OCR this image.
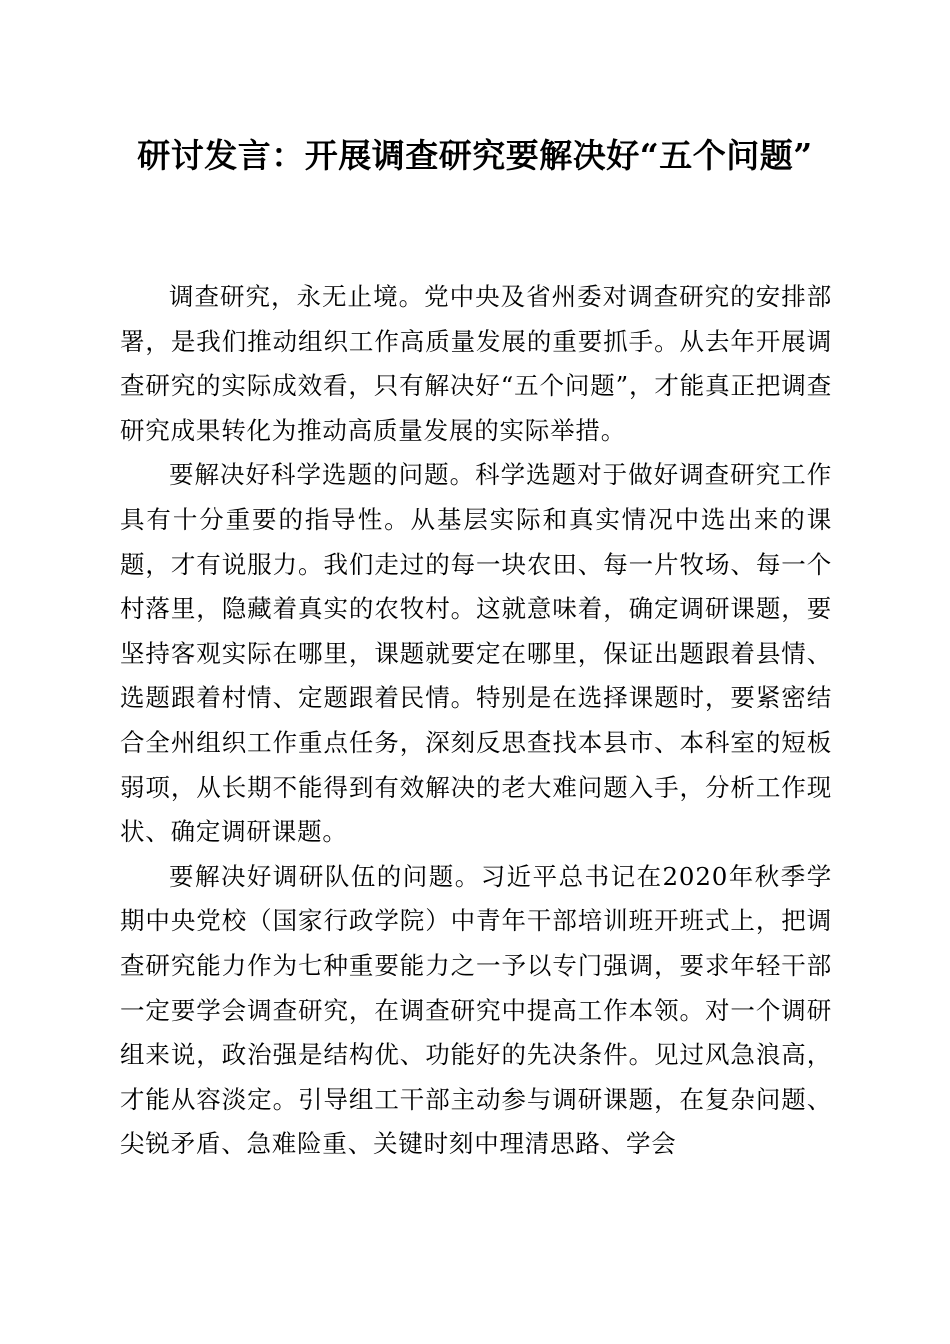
研讨发言：开展调查研究要解决好“五个问题”

调查研究，永无止境。党中央及省州委对调查研究的安排部署，是我们推动组织工作高质量发展的重要抓手。从去年开展调查研究的实际成效看，只有解决好“五个问题”，才能真正把调查研究成果转化为推动高质量发展的实际举措。

要解决好科学选题的问题。科学选题对于做好调查研究工作具有十分重要的指导性。从基层实际和真实情况中选出来的课题，才有说服力。我们走过的每一块农田、每一片牧场、每一个村落里，隐藏着真实的农牧村。这就意味着，确定调研课题，要坚持客观实际在哪里，课题就要定在哪里，保证出题跟着县情、选题跟着村情、定题跟着民情。特别是在选择课题时，要紧密结合全州组织工作重点任务，深刻反思查找本县市、本科室的短板弱项，从长期不能得到有效解决的老大难问题入手，分析工作现状、确定调研课题。

要解决好调研队伍的问题。习近平总书记在2020年秋季学期中央党校（国家行政学院）中青年干部培训班开班式上，把调查研究能力作为七种重要能力之一予以专门强调，要求年轻干部一定要学会调查研究，在调查研究中提高工作本领。对一个调研组来说，政治强是结构优、功能好的先决条件。见过风急浪高，才能从容淡定。引导组工干部主动参与调研课题，在复杂问题、尖锐矛盾、急难险重、关键时刻中理清思路、学会
